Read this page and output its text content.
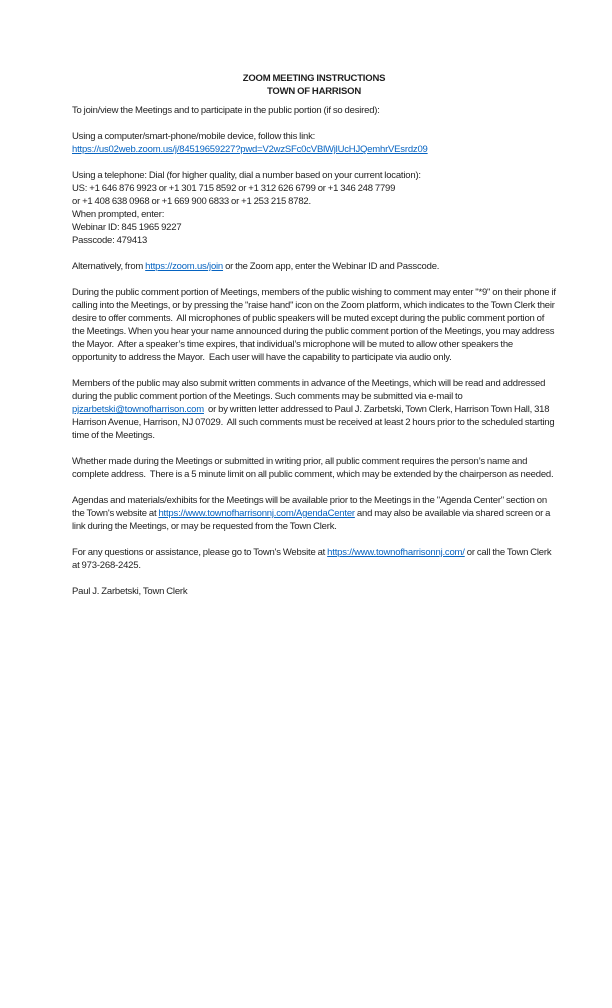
ZOOM MEETING INSTRUCTIONS
TOWN OF HARRISON
To join/view the Meetings and to participate in the public portion (if so desired):
Using a computer/smart-phone/mobile device, follow this link:
https://us02web.zoom.us/j/84519659227?pwd=V2wzSFc0cVBlWjlUcHJQemhrVEsrdz09
Using a telephone: Dial (for higher quality, dial a number based on your current location):
US: +1 646 876 9923 or +1 301 715 8592 or +1 312 626 6799 or +1 346 248 7799
or +1 408 638 0968 or +1 669 900 6833 or +1 253 215 8782.
When prompted, enter:
Webinar ID: 845 1965 9227
Passcode: 479413
Alternatively, from https://zoom.us/join or the Zoom app, enter the Webinar ID and Passcode.
During the public comment portion of Meetings, members of the public wishing to comment may enter "*9" on their phone if calling into the Meetings, or by pressing the "raise hand" icon on the Zoom platform, which indicates to the Town Clerk their desire to offer comments.  All microphones of public speakers will be muted except during the public comment portion of the Meetings. When you hear your name announced during the public comment portion of the Meetings, you may address the Mayor.  After a speaker’s time expires, that individual’s microphone will be muted to allow other speakers the opportunity to address the Mayor.  Each user will have the capability to participate via audio only.
Members of the public may also submit written comments in advance of the Meetings, which will be read and addressed during the public comment portion of the Meetings. Such comments may be submitted via e-mail to pjzarbetski@townofharrison.com  or by written letter addressed to Paul J. Zarbetski, Town Clerk, Harrison Town Hall, 318 Harrison Avenue, Harrison, NJ 07029.  All such comments must be received at least 2 hours prior to the scheduled starting time of the Meetings.
Whether made during the Meetings or submitted in writing prior, all public comment requires the person’s name and complete address.  There is a 5 minute limit on all public comment, which may be extended by the chairperson as needed.
Agendas and materials/exhibits for the Meetings will be available prior to the Meetings in the "Agenda Center" section on the Town's website at https://www.townofharrisonnj.com/AgendaCenter and may also be available via shared screen or a link during the Meetings, or may be requested from the Town Clerk.
For any questions or assistance, please go to Town's Website at https://www.townofharrisonnj.com/ or call the Town Clerk at 973-268-2425.
Paul J. Zarbetski, Town Clerk
